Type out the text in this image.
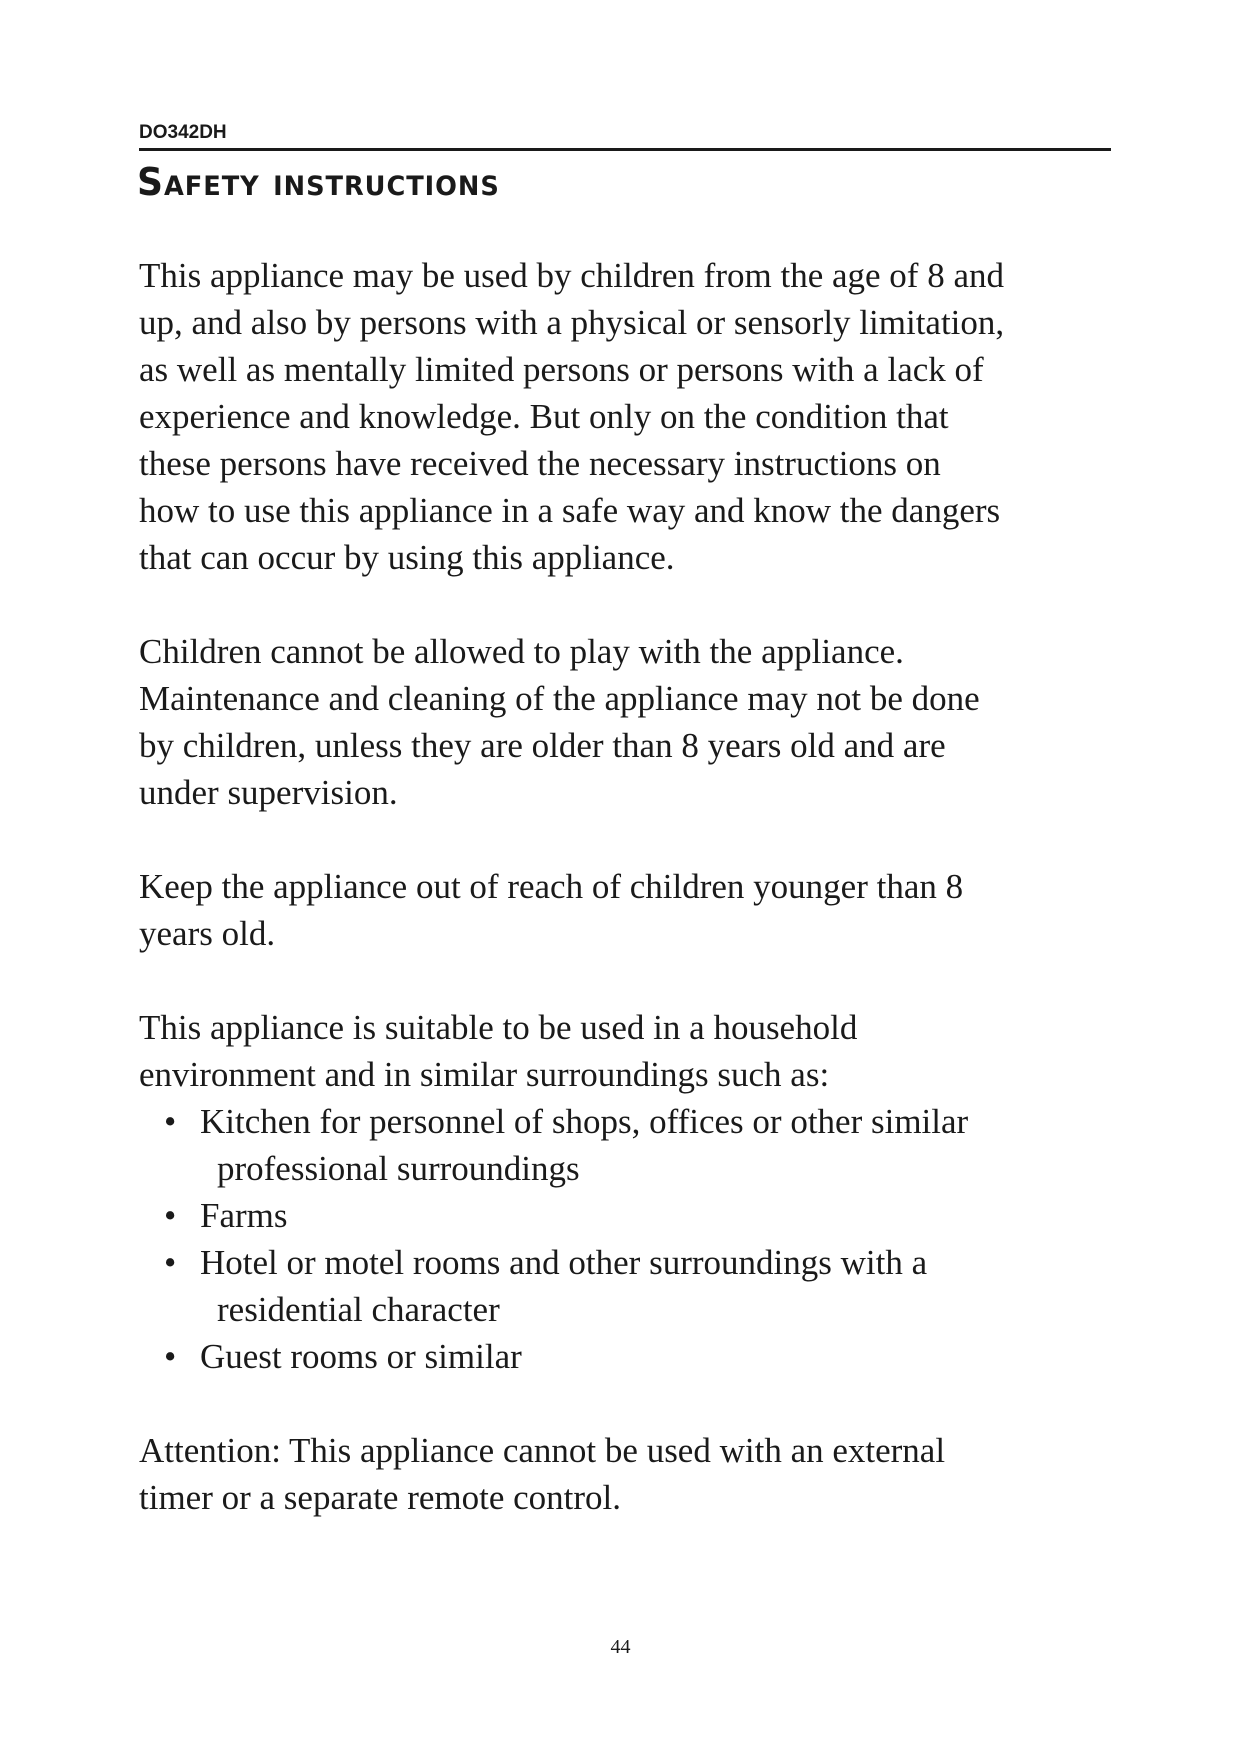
DO342DH
Safety instructions
This appliance may be used by children from the age of 8 and
up, and also by persons with a physical or sensorly limitation,
as well as mentally limited persons or persons with a lack of
experience and knowledge. But only on the condition that
these persons have received the necessary instructions on
how to use this appliance in a safe way and know the dangers
that can occur by using this appliance.
Children cannot be allowed to play with the appliance.
Maintenance and cleaning of the appliance may not be done
by children, unless they are older than 8 years old and are
under supervision.
Keep the appliance out of reach of children younger than 8
years old.
This appliance is suitable to be used in a household
environment and in similar surroundings such as:
• Kitchen for personnel of shops, offices or other similar
professional surroundings
• Farms
• Hotel or motel rooms and other surroundings with a
residential character
• Guest rooms or similar
Attention: This appliance cannot be used with an external
timer or a separate remote control.
44
